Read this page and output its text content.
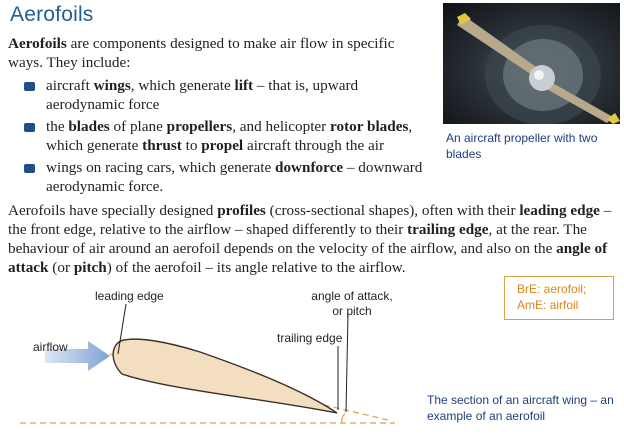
Aerofoils
Aerofoils are components designed to make air flow in specific ways. They include:
aircraft wings, which generate lift – that is, upward aerodynamic force
the blades of plane propellers, and helicopter rotor blades, which generate thrust to propel aircraft through the air
wings on racing cars, which generate downforce – downward aerodynamic force.
An aircraft propeller with two blades
Aerofoils have specially designed profiles (cross-sectional shapes), often with their leading edge – the front edge, relative to the airflow – shaped differently to their trailing edge, at the rear. The behaviour of air around an aerofoil depends on the velocity of the airflow, and also on the angle of attack (or pitch) of the aerofoil – its angle relative to the airflow.
BrE: aerofoil;
AmE: airfoil
leading edge
airflow
trailing edge
angle of attack,
or pitch
The section of an aircraft wing – an example of an aerofoil
